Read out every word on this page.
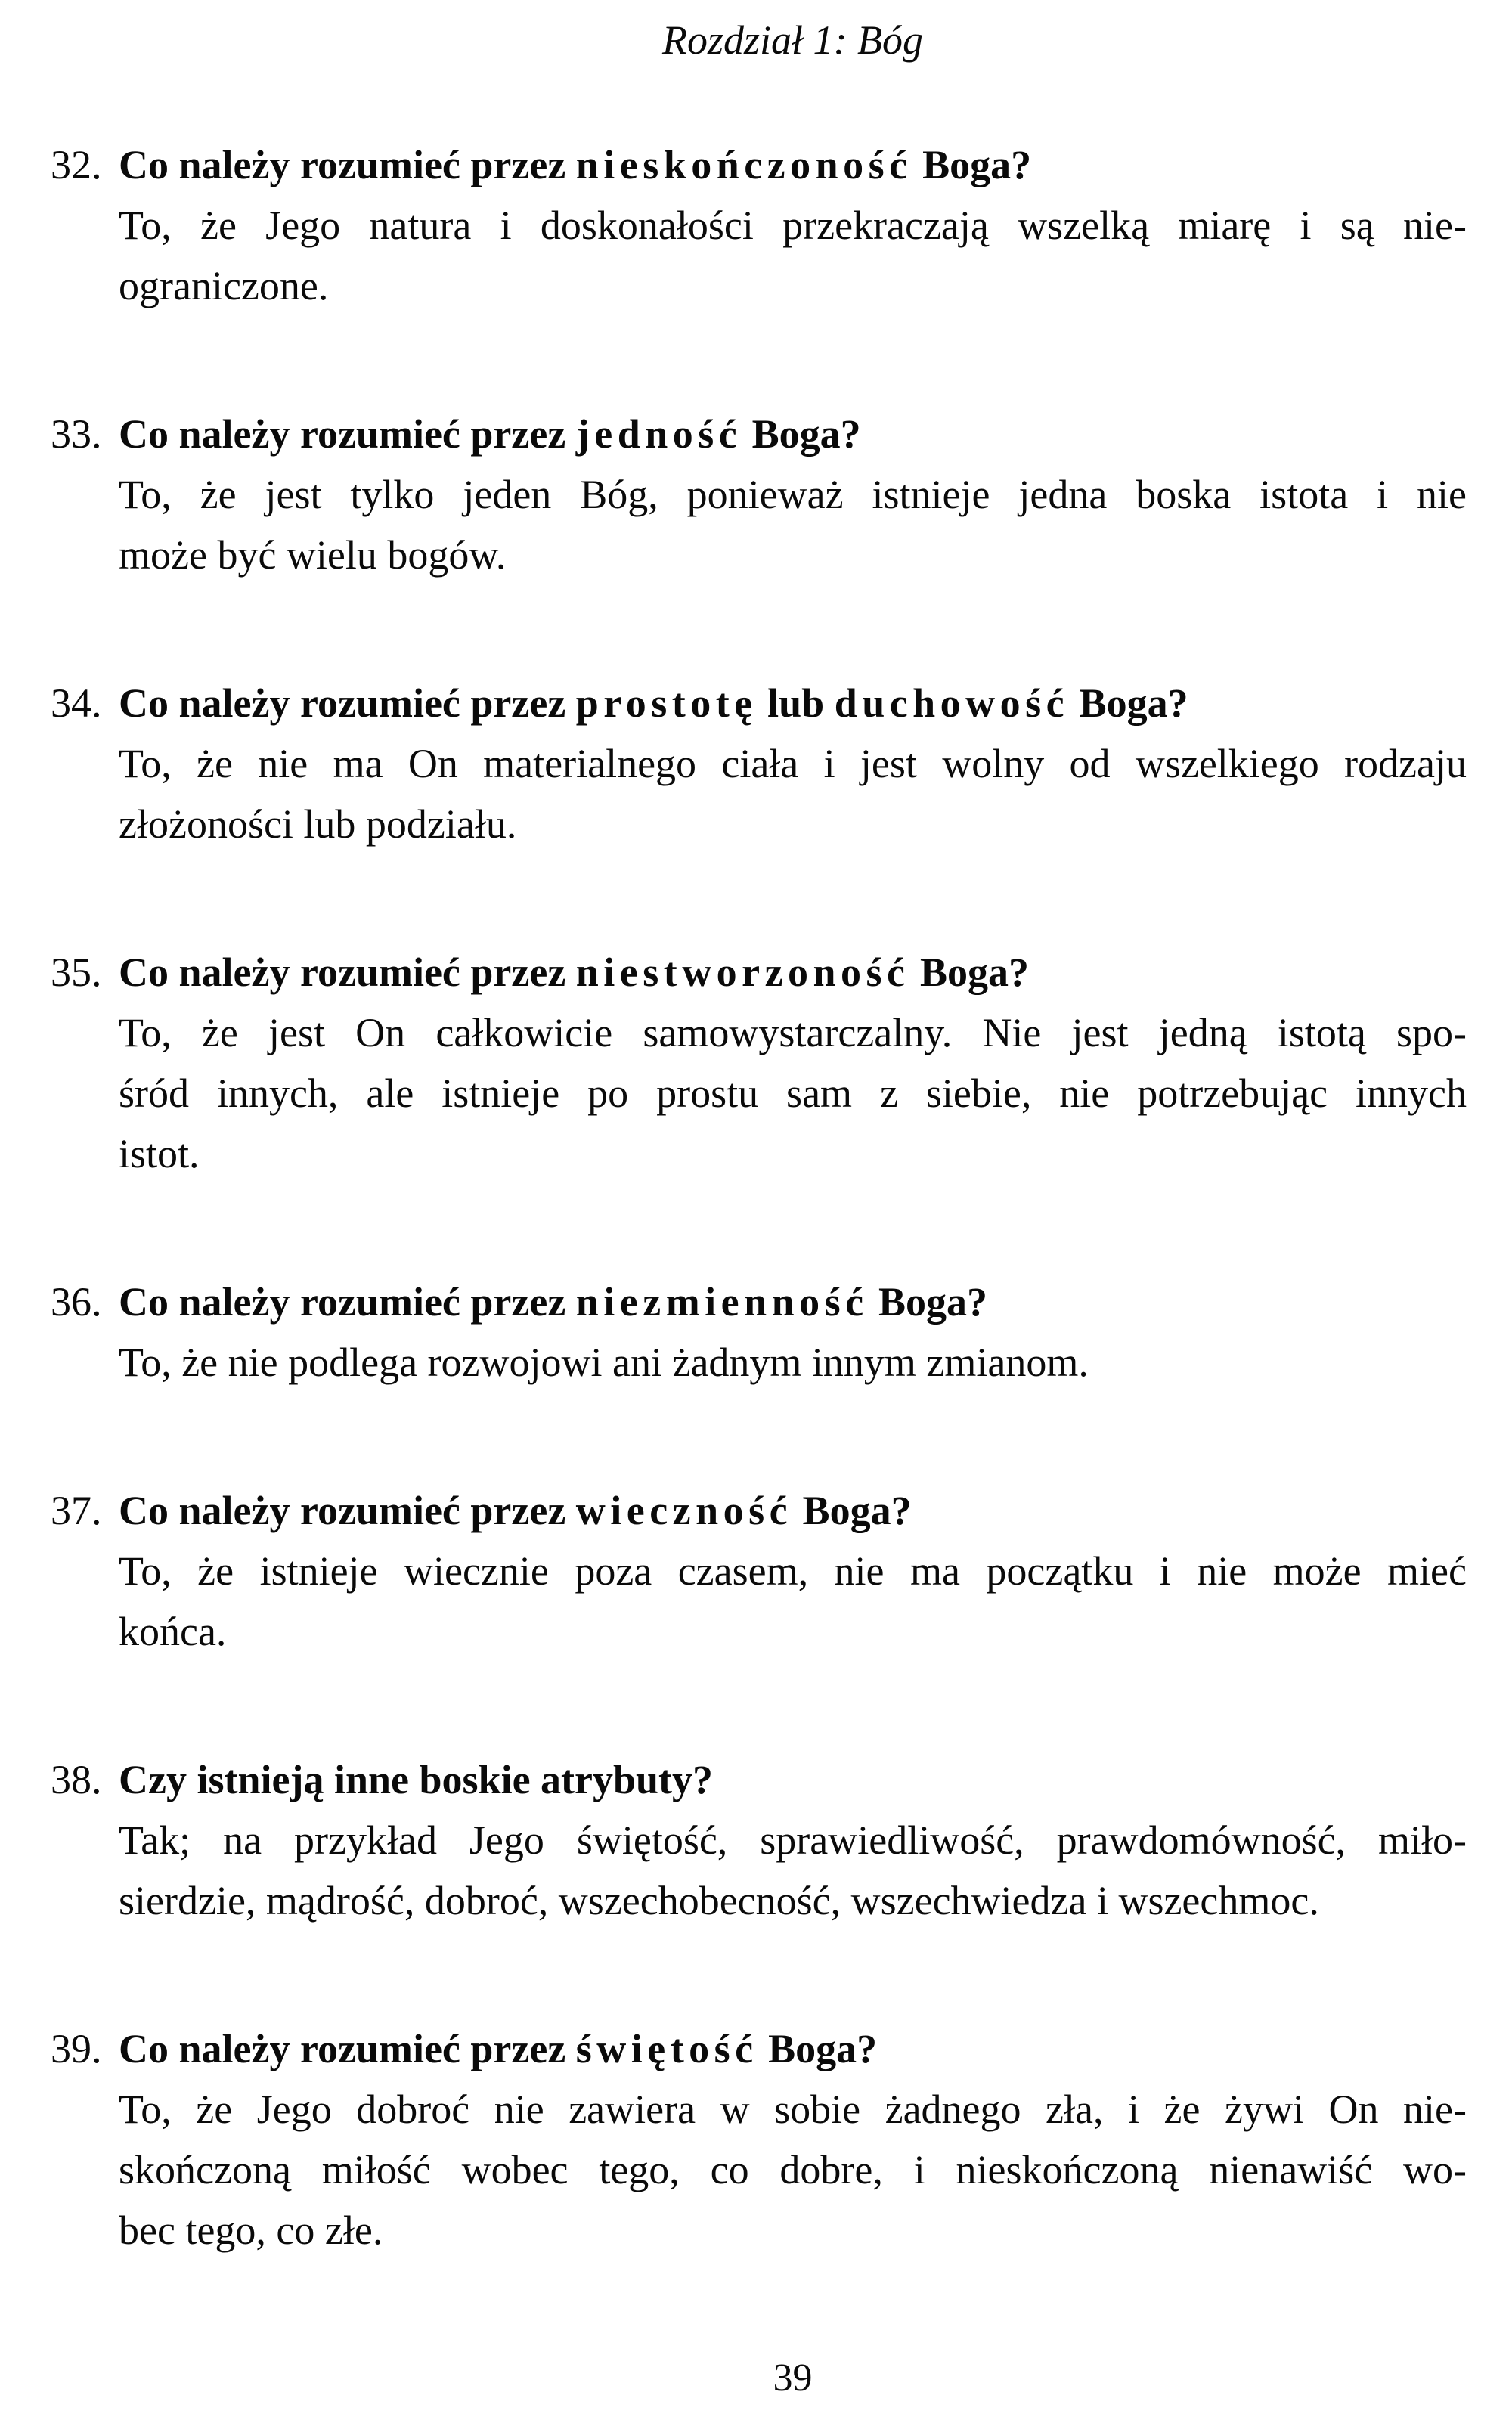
Rozdział 1: Bóg
32. Co należy rozumieć przez nieskończoność Boga?
To, że Jego natura i doskonałości przekraczają wszelką miarę i są nie-
ograniczone.
33. Co należy rozumieć przez jedność Boga?
To, że jest tylko jeden Bóg, ponieważ istnieje jedna boska istota i nie
może być wielu bogów.
34. Co należy rozumieć przez prostotę lub duchowość Boga?
To, że nie ma On materialnego ciała i jest wolny od wszelkiego rodzaju
złożoności lub podziału.
35. Co należy rozumieć przez niestworzoność Boga?
To, że jest On całkowicie samowystarczalny. Nie jest jedną istotą spo-
śród innych, ale istnieje po prostu sam z siebie, nie potrzebując innych
istot.
36. Co należy rozumieć przez niezmienność Boga?
To, że nie podlega rozwojowi ani żadnym innym zmianom.
37. Co należy rozumieć przez wieczność Boga?
To, że istnieje wiecznie poza czasem, nie ma początku i nie może mieć
końca.
38. Czy istnieją inne boskie atrybuty?
Tak; na przykład Jego świętość, sprawiedliwość, prawdomówność, miło-
sierdzie, mądrość, dobroć, wszechobecność, wszechwiedza i wszechmoc.
39. Co należy rozumieć przez świętość Boga?
To, że Jego dobroć nie zawiera w sobie żadnego zła, i że żywi On nie-
skończoną miłość wobec tego, co dobre, i nieskończoną nienawiść wo-
bec tego, co złe.
39
